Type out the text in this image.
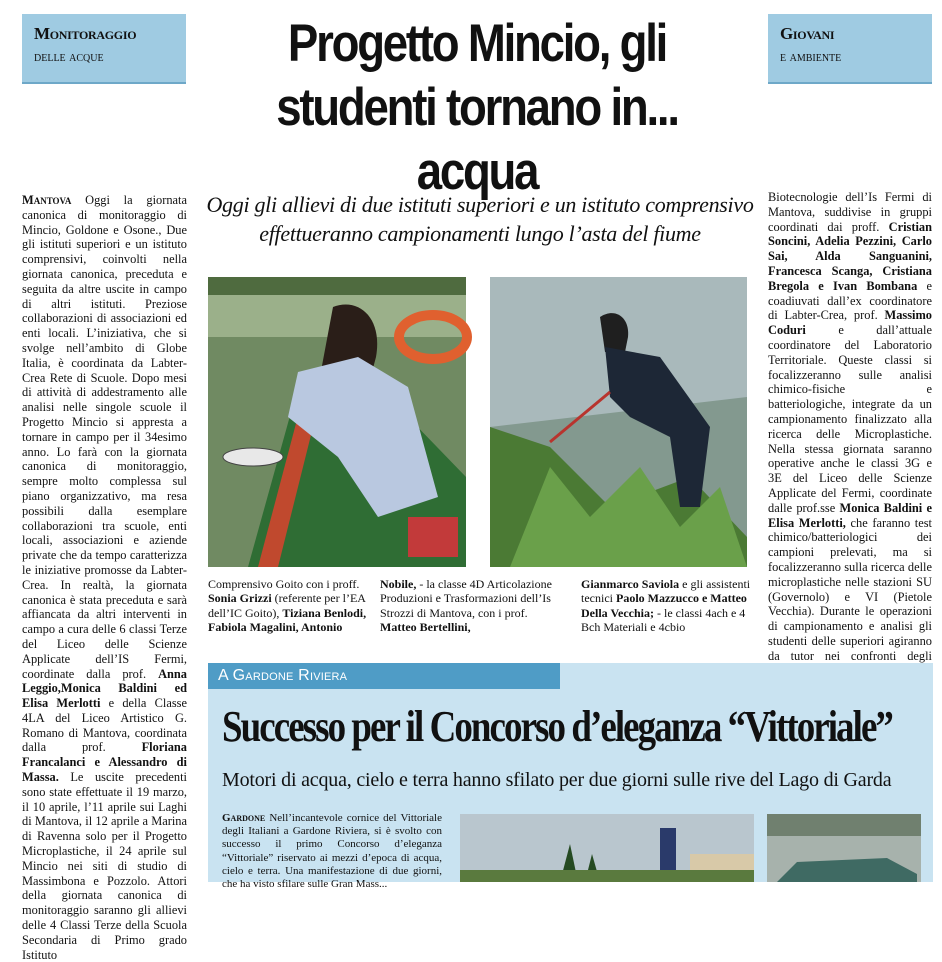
Monitoraggio
delle acque
Giovani
e ambiente
Progetto Mincio, gli
studenti tornano in... acqua
Oggi gli allievi di due istituti superiori e un istituto comprensivo effettueranno campionamenti lungo l’asta del fiume
Mantova Oggi la giornata canonica di monitoraggio di Mincio, Goldone e Osone., Due gli istituti superiori e un istituto comprensivi, coinvolti nella giornata canonica, preceduta e seguita da altre uscite in campo di altri istituti. Preziose collaborazioni di associazioni ed enti locali. L’iniziativa, che si svolge nell’ambito di Globe Italia, è coordinata da Labter-Crea Rete di Scuole. Dopo mesi di attività di addestramento alle analisi nelle singole scuole il Progetto Mincio si appresta a tornare in campo per il 34esimo anno. Lo farà con la giornata canonica di monitoraggio, sempre molto complessa sul piano organizzativo, ma resa possibili dalla esemplare collaborazioni tra scuole, enti locali, associazioni e aziende private che da tempo caratterizza le iniziative promosse da Labter-Crea. In realtà, la giornata canonica è stata preceduta e sarà affiancata da altri interventi in campo a cura delle 6 classi Terze del Liceo delle Scienze Applicate dell’IS Fermi, coordinate dalla prof. Anna Leggio,Monica Baldini ed Elisa Merlotti e della Classe 4LA del Liceo Artistico G. Romano di Mantova, coordinata dalla prof.	Floriana Francalanci e Alessandro di Massa. Le uscite precedenti sono state effettuate il 19 marzo, il 10 aprile, l’11 aprile sui Laghi di Mantova, il 12 aprile a Marina di Ravenna solo per il Progetto Microplastiche, il 24 aprile sul Mincio nei siti di studio di Massimbona e Pozzolo. Attori della giornata canonica di monitoraggio saranno gli allievi delle 4 Classi Terze della Scuola Secondaria di Primo grado Istituto
Comprensivo Goito con i proff. Sonia Grizzi (referente per l’EA dell’IC Goito), Tiziana Benlodi, Fabiola Magalini, Antonio
Nobile, - la classe 4D Articolazione Produzioni e Trasformazioni dell’Is Strozzi di Mantova, con i prof. Matteo Bertellini,
Gianmarco Saviola e gli assistenti tecnici Paolo Mazzucco e Matteo Della Vecchia; - le classi 4ach e 4 Bch Materiali e 4cbio
Biotecnologie dell’Is Fermi di Mantova, suddivise in gruppi coordinati dai proff. Cristian Soncini, Adelia Pezzini, Carlo Sai, Alda Sanguanini, Francesca Scanga, Cristiana Bregola e Ivan Bombana e coadiuvati dall’ex coordinatore di Labter-Crea, prof. Massimo Coduri	e dall’attuale coordinatore del Laboratorio Territoriale. Queste classi si focalizzeranno sulle analisi chimico-fisiche e batteriologiche, integrate da un campionamento finalizzato alla ricerca delle Microplastiche. Nella stessa giornata saranno operative anche le classi 3G e 3E del Liceo delle Scienze Applicate del Fermi, coordinate dalle prof.sse Monica Baldini e Elisa Merlotti, che faranno test chimico/batteriologici dei campioni prelevati, ma si focalizzeranno sulla ricerca delle microplastiche nelle stazioni SU (Governolo) e VI (Pietole Vecchia). Durante le operazioni di campionamento e analisi gli studenti delle superiori agiranno da tutor nei confronti degli
A Gardone Riviera
Successo per il Concorso d’eleganza “Vittoriale”
Motori di acqua, cielo e terra hanno sfilato per due giorni sulle rive del Lago di Garda
Gardone Nell’incantevole cornice del Vittoriale degli Italiani a Gardone Riviera, si è svolto con successo il primo Concorso d’eleganza “Vittoriale” riservato ai mezzi d’epoca di acqua, cielo e terra. Una manifestazione di due giorni, che ha visto sfilare sulle Gran Mass...
